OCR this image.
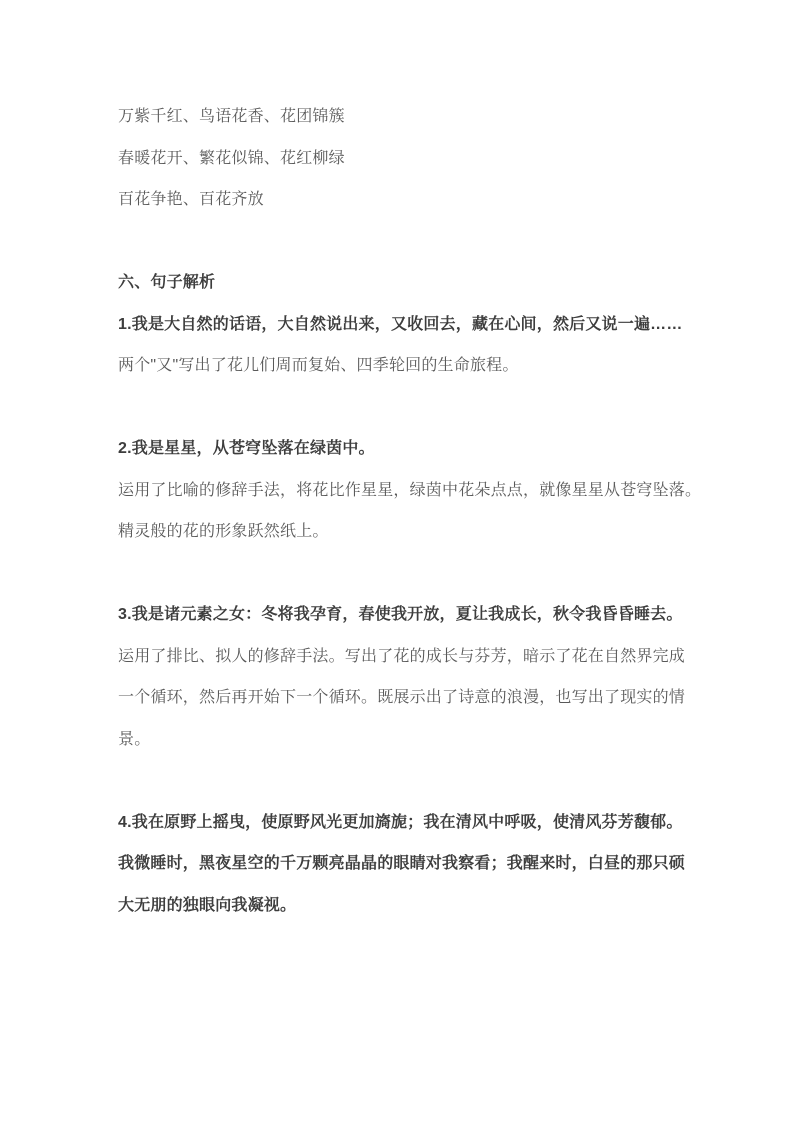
万紫千红、鸟语花香、花团锦簇
春暖花开、繁花似锦、花红柳绿
百花争艳、百花齐放
六、句子解析
1.我是大自然的话语，大自然说出来，又收回去，藏在心间，然后又说一遍……
两个"又"写出了花儿们周而复始、四季轮回的生命旅程。
2.我是星星，从苍穹坠落在绿茵中。
运用了比喻的修辞手法，将花比作星星，绿茵中花朵点点，就像星星从苍穹坠落。
精灵般的花的形象跃然纸上。
3.我是诸元素之女：冬将我孕育，春使我开放，夏让我成长，秋令我昏昏睡去。
运用了排比、拟人的修辞手法。写出了花的成长与芬芳，暗示了花在自然界完成
一个循环，然后再开始下一个循环。既展示出了诗意的浪漫，也写出了现实的情
景。
4.我在原野上摇曳，使原野风光更加旖旎；我在清风中呼吸，使清风芬芳馥郁。
我微睡时，黑夜星空的千万颗亮晶晶的眼睛对我察看；我醒来时，白昼的那只硕
大无朋的独眼向我凝视。
